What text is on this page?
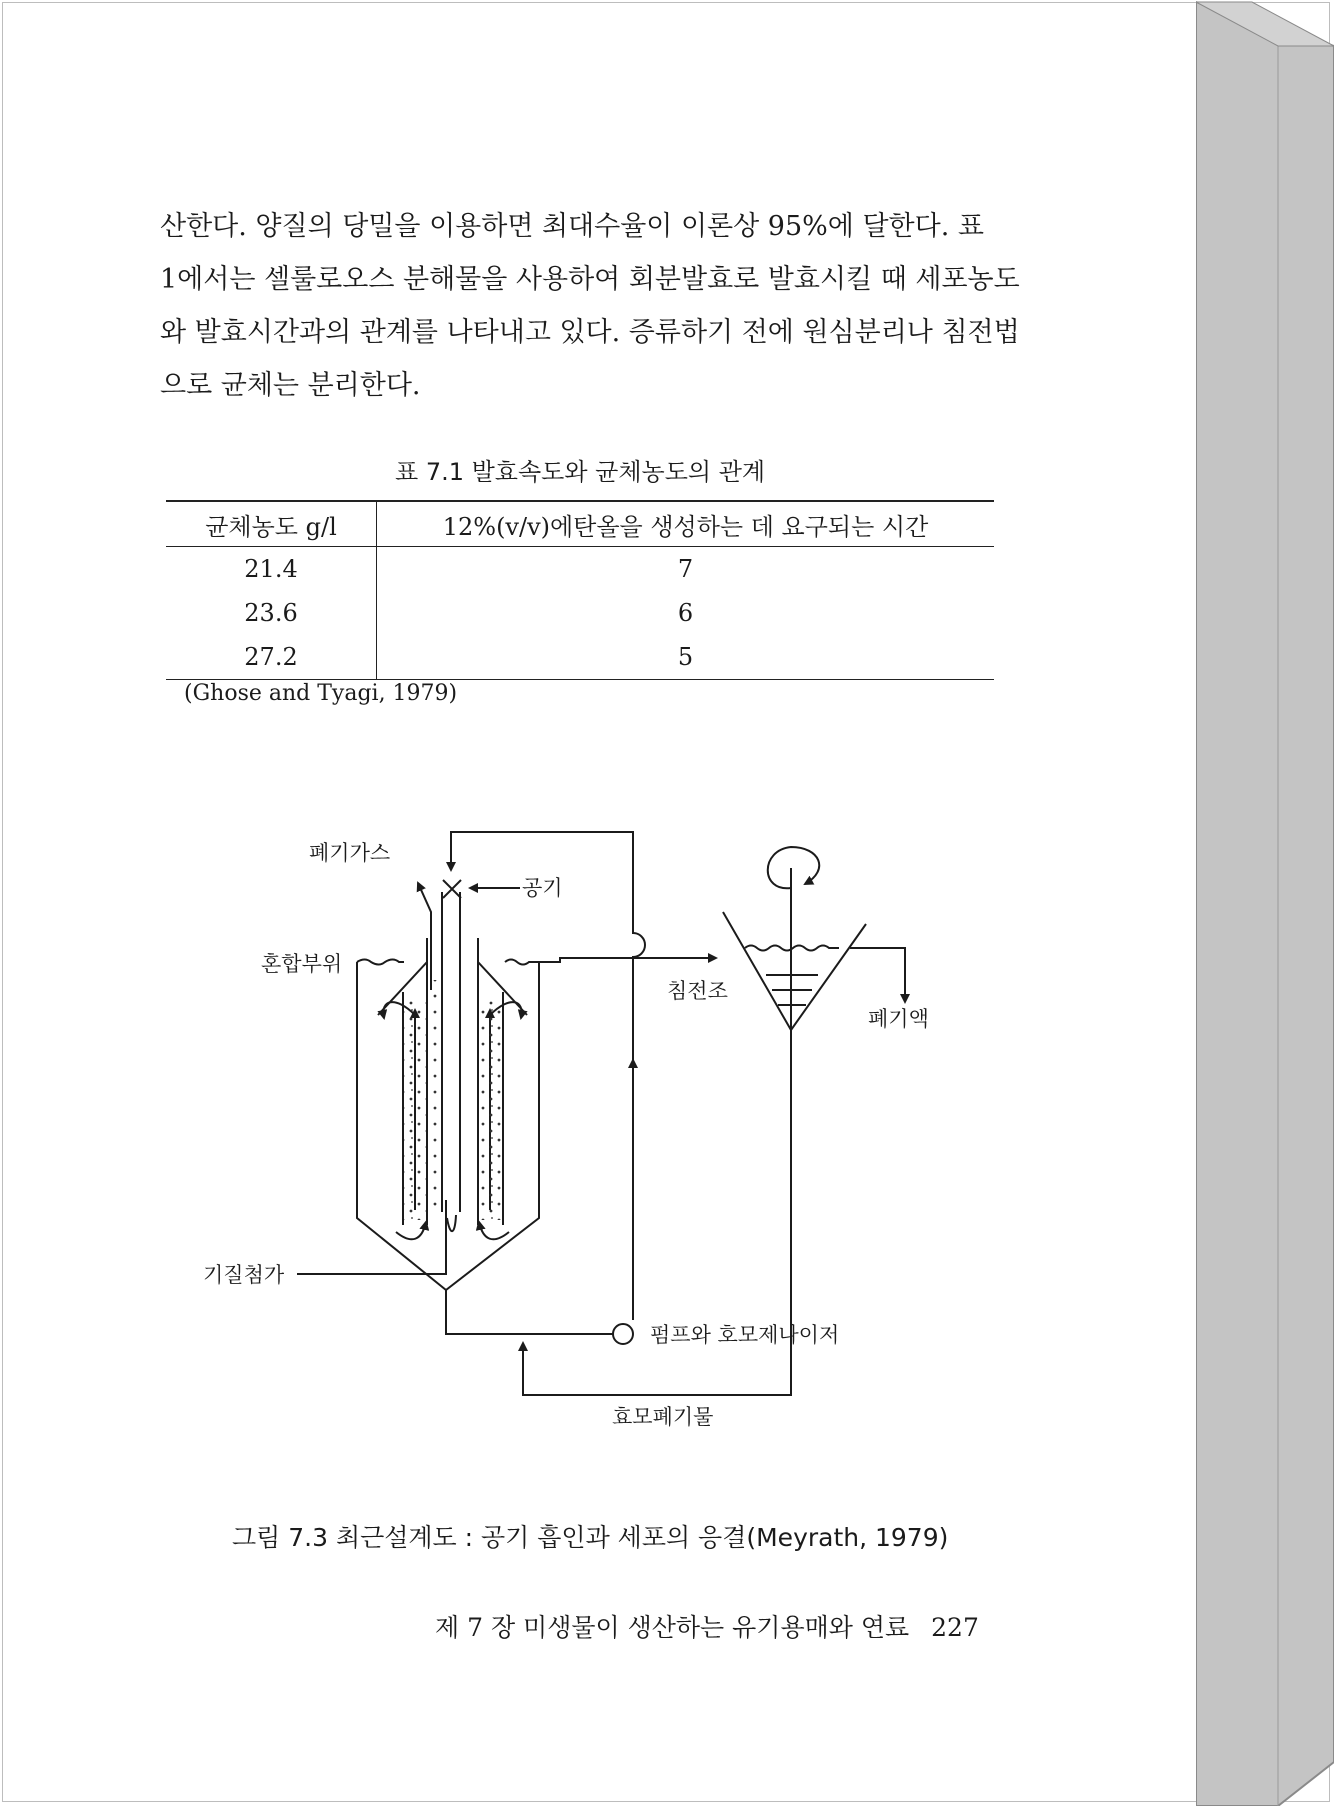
산한다. 양질의 당밀을 이용하면 최대수율이 이론상 95%에 달한다. 표
1에서는 셀룰로오스 분해물을 사용하여 회분발효로 발효시킬 때 세포농도
와 발효시간과의 관계를 나타내고 있다. 증류하기 전에 원심분리나 침전법
으로 균체는 분리한다.

표 7.1 발효속도와 균체농도의 관계
균체농도 g/l	12%(v/v)에탄올을 생성하는 데 요구되는 시간
21.4	7
23.6	6
27.2	5
(Ghose and Tyagi, 1979)
폐기가스
공기
혼합부위
침전조
폐기액
기질첨가
펌프와 호모제나이저
효모폐기물
그림 7.3 최근설계도 : 공기 흡인과 세포의 응결(Meyrath, 1979)
제 7 장 미생물이 생산하는 유기용매와 연료 227
